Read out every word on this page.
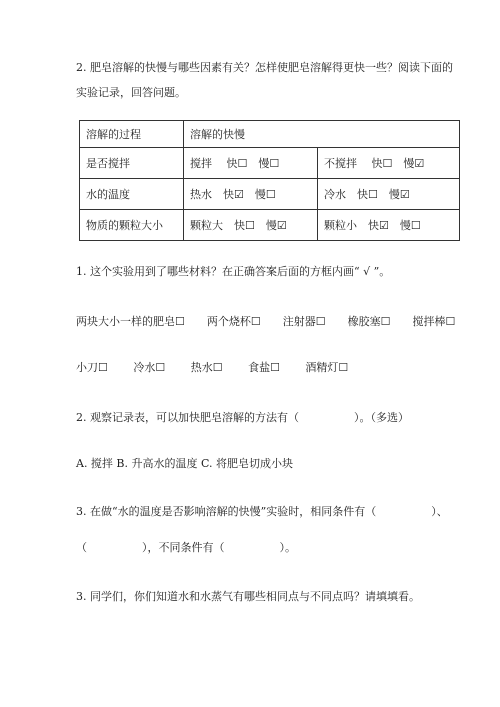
2. 肥皂溶解的快慢与哪些因素有关？怎样使肥皂溶解得更快一些？阅读下面的
实验记录，回答问题。
溶解的过程	溶解的快慢	
是否搅拌	搅拌　 快☐　慢☐	不搅拌　 快☐　慢☑
水的温度	热水　快☑　慢☐	冷水　快☐　慢☑
物质的颗粒大小	颗粒大　快☐　慢☑	颗粒小　快☑　慢☐
1. 这个实验用到了哪些材料？在正确答案后面的方框内画“ √ ”。
两块大小一样的肥皂☐　　两个烧杯☐　　注射器☐　　橡胶塞☐　　搅拌棒☐
小刀☐　　 冷水☐　　 热水☐　　 食盐☐　　 酒精灯☐
2. 观察记录表，可以加快肥皂溶解的方法有（　　　　　）。（多选）
A. 搅拌 B. 升高水的温度 C. 将肥皂切成小块
3. 在做“水的温度是否影响溶解的快慢”实验时，相同条件有（　　　　　）、
（　　　　　），不同条件有（　　　　　）。
3. 同学们，你们知道水和水蒸气有哪些相同点与不同点吗？请填填看。
